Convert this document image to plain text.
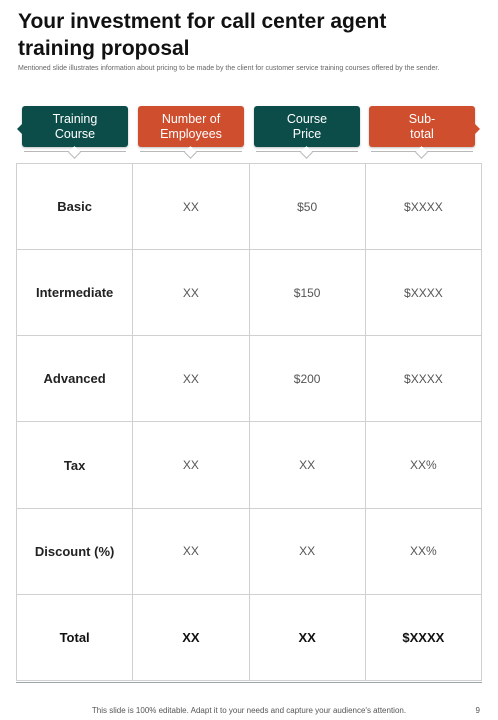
Your investment for call center agent training proposal
Mentioned slide illustrates information about pricing to be made by the client for customer service training courses offered by the sender.
Training
Course
Number of
Employees
Course
Price
Sub-
total
Basic	XX	$50	$XXXX
Intermediate	XX	$150	$XXXX
Advanced	XX	$200	$XXXX
Tax	XX	XX	XX%
Discount (%)	XX	XX	XX%
Total	XX	XX	$XXXX
This slide is 100% editable. Adapt it to your needs and capture your audience's attention.	9
